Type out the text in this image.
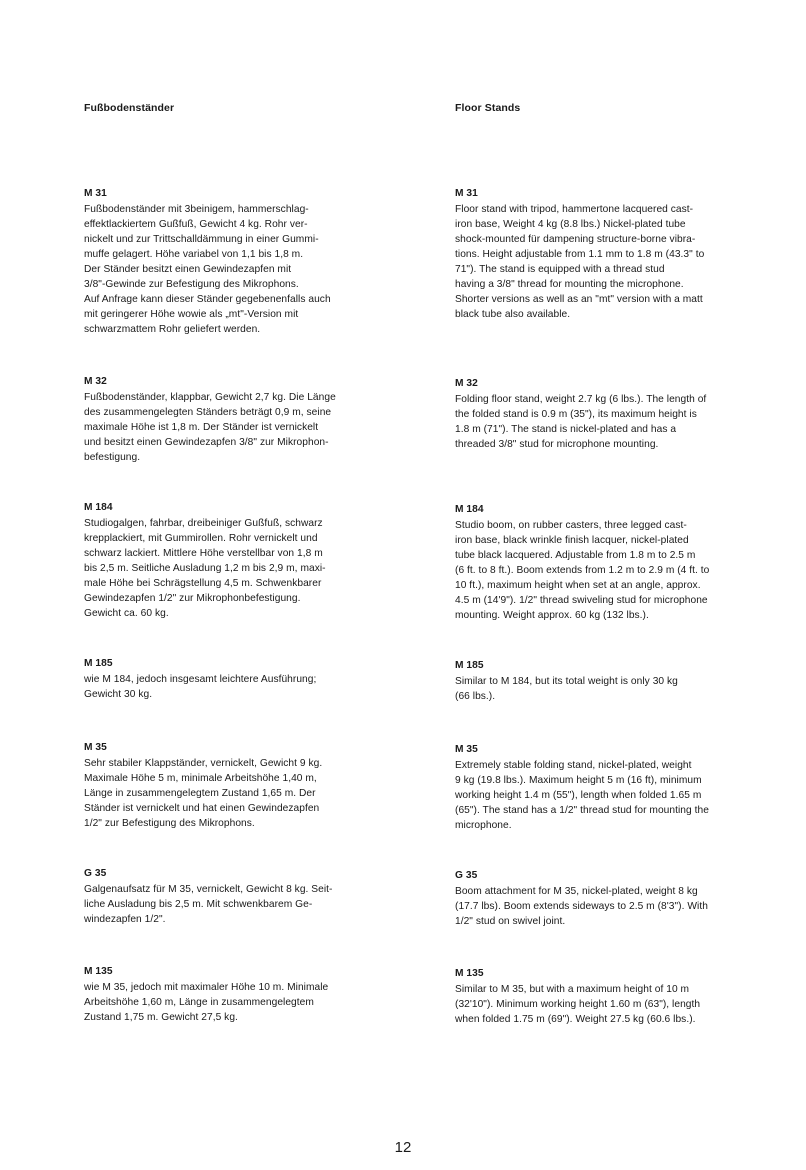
Fußbodenständer	Floor Stands
M 31
Fußbodenständer mit 3beinigem, hammerschlag-
effektlackiertem Gußfuß, Gewicht 4 kg. Rohr ver-
nickelt und zur Trittschalldämmung in einer Gummi-
muffe gelagert. Höhe variabel von 1,1 bis 1,8 m.
Der Ständer besitzt einen Gewindezapfen mit
3/8"-Gewinde zur Befestigung des Mikrophons.
Auf Anfrage kann dieser Ständer gegebenenfalls auch
mit geringerer Höhe wowie als „mt"-Version mit
schwarzmattem Rohr geliefert werden.
M 31
Floor stand with tripod, hammertone lacquered cast-
iron base, Weight 4 kg (8.8 lbs.) Nickel-plated tube
shock-mounted für dampening structure-borne vibra-
tions. Height adjustable from 1.1 mm to 1.8 m (43.3" to
71"). The stand is equipped with a thread stud
having a 3/8" thread for mounting the microphone.
Shorter versions as well as an "mt" version with a matt
black tube also available.
M 32
Fußbodenständer, klappbar, Gewicht 2,7 kg. Die Länge
des zusammengelegten Ständers beträgt 0,9 m, seine
maximale Höhe ist 1,8 m. Der Ständer ist vernickelt
und besitzt einen Gewindezapfen 3/8" zur Mikrophon-
befestigung.
M 32
Folding floor stand, weight 2.7 kg (6 lbs.). The length of
the folded stand is 0.9 m (35"), its maximum height is
1.8 m (71"). The stand is nickel-plated and has a
threaded 3/8" stud for microphone mounting.
M 184
Studiogalgen, fahrbar, dreibeiniger Gußfuß, schwarz
krepplackiert, mit Gummirollen. Rohr vernickelt und
schwarz lackiert. Mittlere Höhe verstellbar von 1,8 m
bis 2,5 m. Seitliche Ausladung 1,2 m bis 2,9 m, maxi-
male Höhe bei Schrägstellung 4,5 m. Schwenkbarer
Gewindezapfen 1/2" zur Mikrophonbefestigung.
Gewicht ca. 60 kg.
M 184
Studio boom, on rubber casters, three legged cast-
iron base, black wrinkle finish lacquer, nickel-plated
tube black lacquered. Adjustable from 1.8 m to 2.5 m
(6 ft. to 8 ft.). Boom extends from 1.2 m to 2.9 m (4 ft. to
10 ft.), maximum height when set at an angle, approx.
4.5 m (14'9"). 1/2" thread swiveling stud for microphone
mounting. Weight approx. 60 kg (132 lbs.).
M 185
wie M 184, jedoch insgesamt leichtere Ausführung;
Gewicht 30 kg.
M 185
Similar to M 184, but its total weight is only 30 kg
(66 lbs.).
M 35
Sehr stabiler Klappständer, vernickelt, Gewicht 9 kg.
Maximale Höhe 5 m, minimale Arbeitshöhe 1,40 m,
Länge in zusammengelegtem Zustand 1,65 m. Der
Ständer ist vernickelt und hat einen Gewindezapfen
1/2" zur Befestigung des Mikrophons.
M 35
Extremely stable folding stand, nickel-plated, weight
9 kg (19.8 lbs.). Maximum height 5 m (16 ft), minimum
working height 1.4 m (55"), length when folded 1.65 m
(65"). The stand has a 1/2" thread stud for mounting the
microphone.
G 35
Galgenaufsatz für M 35, vernickelt, Gewicht 8 kg. Seit-
liche Ausladung bis 2,5 m. Mit schwenkbarem Ge-
windezapfen 1/2".
G 35
Boom attachment for M 35, nickel-plated, weight 8 kg
(17.7 lbs). Boom extends sideways to 2.5 m (8'3"). With
1/2" stud on swivel joint.
M 135
wie M 35, jedoch mit maximaler Höhe 10 m. Minimale
Arbeitshöhe 1,60 m, Länge in zusammengelegtem
Zustand 1,75 m. Gewicht 27,5 kg.
M 135
Similar to M 35, but with a maximum height of 10 m
(32'10"). Minimum working height 1.60 m (63"), length
when folded 1.75 m (69"). Weight 27.5 kg (60.6 lbs.).
12
